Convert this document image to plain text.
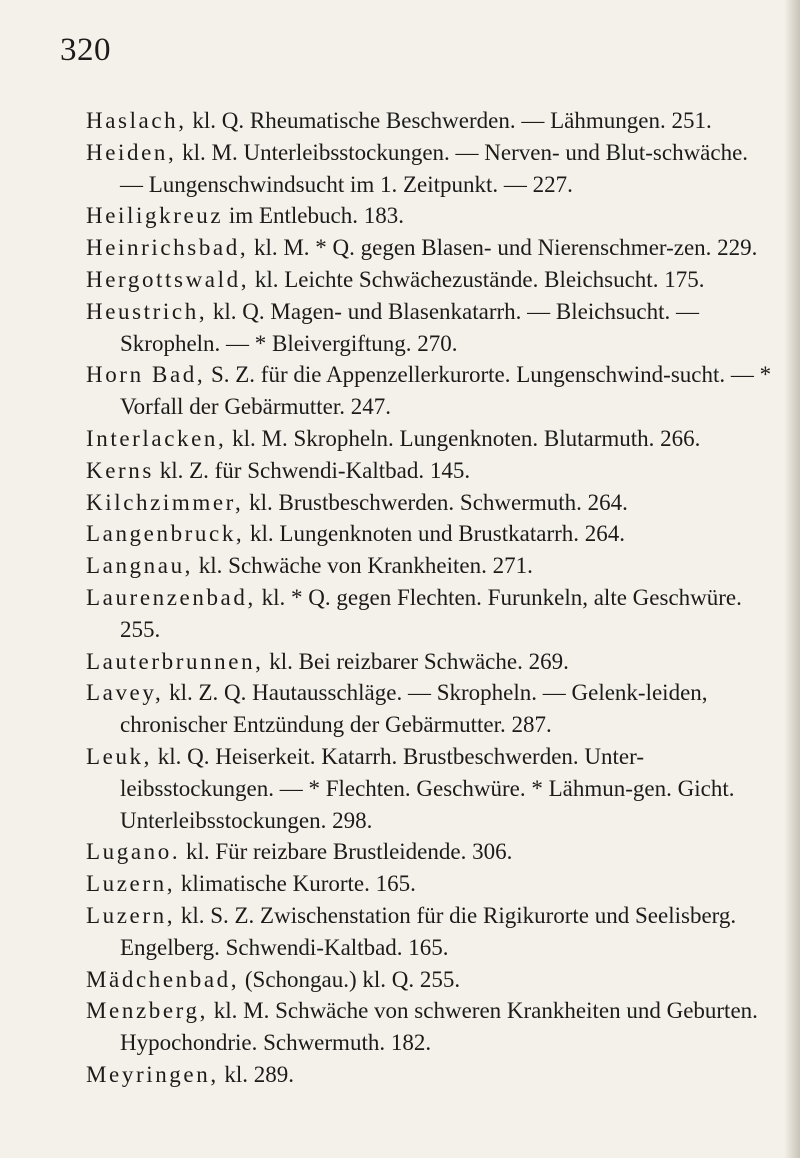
320

Haslach, kl. Q. Rheumatische Beschwerden. — Lähmungen. 251.

Heiden, kl. M. Unterleibsstockungen. — Nerven- und Blut-schwäche. — Lungenschwindsucht im 1. Zeitpunkt. — 227.

Heiligkreuz im Entlebuch. 183.

Heinrichsbad, kl. M. * Q. gegen Blasen- und Nierenschmer-zen. 229.

Hergottswald, kl. Leichte Schwächezustände. Bleichsucht. 175.

Heustrich, kl. Q. Magen- und Blasenkatarrh. — Bleichsucht. — Skropheln. — * Bleivergiftung. 270.

Horn Bad, S. Z. für die Appenzellerkurorte. Lungenschwind-sucht. — * Vorfall der Gebärmutter. 247.

Interlacken, kl. M. Skropheln. Lungenknoten. Blutarmuth. 266.

Kerns kl. Z. für Schwendi-Kaltbad. 145.

Kilchzimmer, kl. Brustbeschwerden. Schwermuth. 264.

Langenbruck, kl. Lungenknoten und Brustkatarrh. 264.

Langnau, kl. Schwäche von Krankheiten. 271.

Laurenzenbad, kl. * Q. gegen Flechten. Furunkeln, alte Geschwüre. 255.

Lauterbrunnen, kl. Bei reizbarer Schwäche. 269.

Lavey, kl. Z. Q. Hautausschläge. — Skropheln. — Gelenk-leiden, chronischer Entzündung der Gebärmutter. 287.

Leuk, kl. Q. Heiserkeit. Katarrh. Brustbeschwerden. Unter-leibsstockungen. — * Flechten. Geschwüre. * Lähmun-gen. Gicht. Unterleibsstockungen. 298.

Lugano. kl. Für reizbare Brustleidende. 306.

Luzern, klimatische Kurorte. 165.

Luzern, kl. S. Z. Zwischenstation für die Rigikurorte und Seelisberg. Engelberg. Schwendi-Kaltbad. 165.

Mädchenbad, (Schongau.) kl. Q. 255.

Menzberg, kl. M. Schwäche von schweren Krankheiten und Geburten. Hypochondrie. Schwermuth. 182.

Meyringen, kl. 289.
